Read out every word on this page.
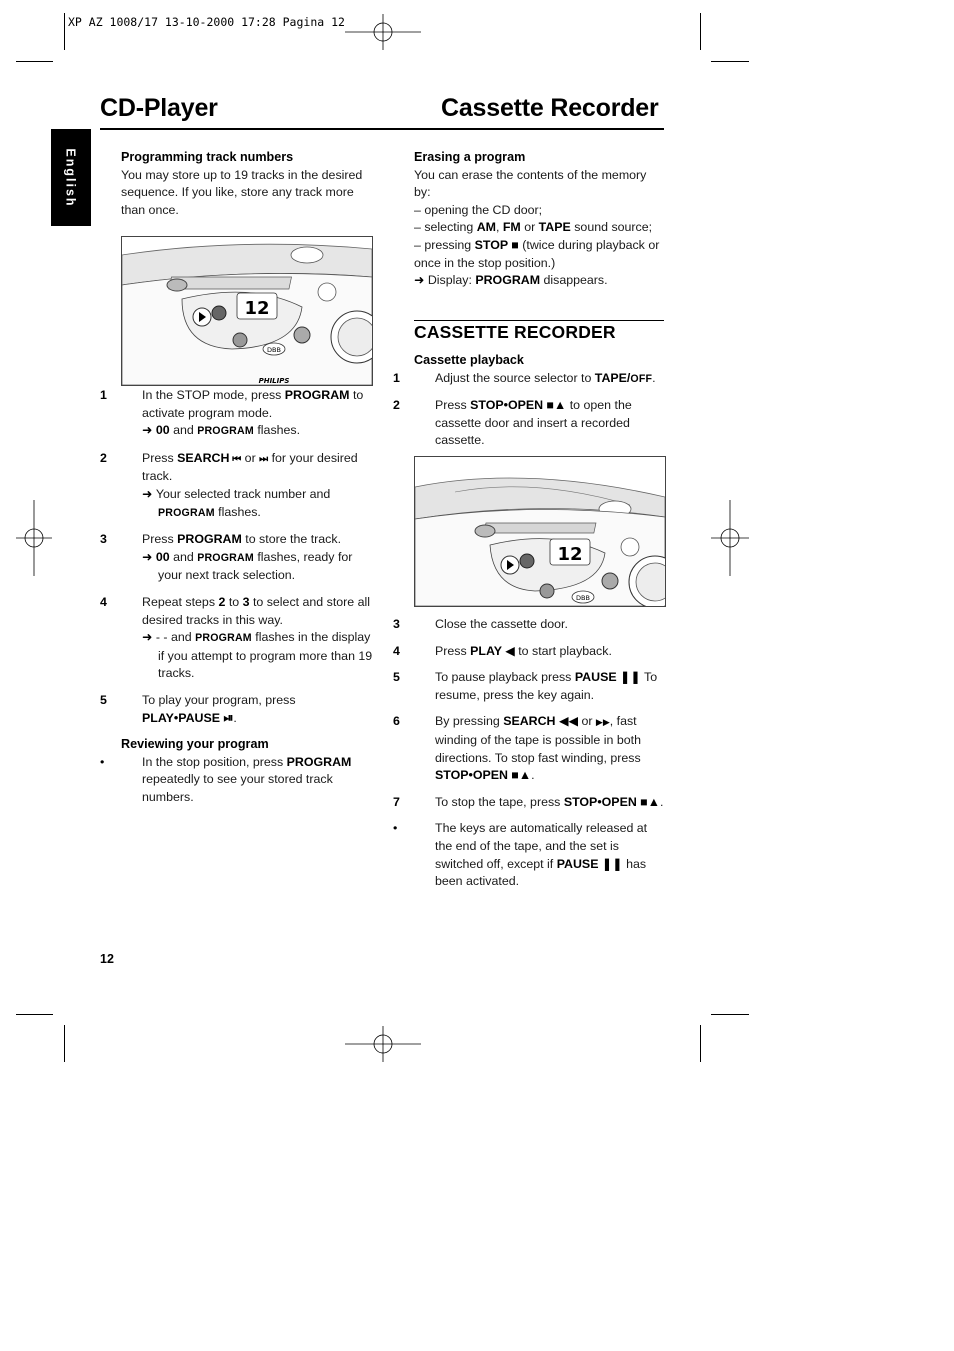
XP AZ 1008/17 13-10-2000 17:28 Pagina 12
CD-Player	Cassette Recorder
English	Programming track numbers

You may store up to 19 tracks in the desired sequence. If you like, store any track more than once.

12
DBB
PHILIPS

1	In the STOP mode, press PROGRAM to activate program mode.
➜ 00 and PROGRAM flashes.

2	Press SEARCH ⏮ or ⏭ for your desired track.
➜ Your selected track number and PROGRAM flashes.

3	Press PROGRAM to store the track.
➜ 00 and PROGRAM flashes, ready for your next track selection.

4	Repeat steps 2 to 3 to select and store all desired tracks in this way.
➜ - - and PROGRAM flashes in the display if you attempt to program more than 19 tracks.

5	To play your program, press
PLAY•PAUSE ⏯.

Reviewing your program

•	In the stop position, press PROGRAM repeatedly to see your stored track numbers.

Erasing a program

You can erase the contents of the memory by:

– opening the CD door;

– selecting AM, FM or TAPE sound source;

– pressing STOP ■ (twice during playback or once in the stop position.)

➜ Display: PROGRAM disappears.

CASSETTE RECORDER

Cassette playback

1	Adjust the source selector to TAPE/OFF.

2	Press STOP•OPEN ■▲ to open the cassette door and insert a recorded cassette.

12
DBB

3	Close the cassette door.

4	Press PLAY ◀ to start playback.

5	To pause playback press PAUSE ❚❚ To resume, press the key again.

6	By pressing SEARCH ◀◀ or ▶▶, fast winding of the tape is possible in both directions. To stop fast winding, press STOP•OPEN ■▲.

7	To stop the tape, press STOP•OPEN ■▲.

•	The keys are automatically released at the end of the tape, and the set is switched off, except if PAUSE ❚❚ has been activated.

12
